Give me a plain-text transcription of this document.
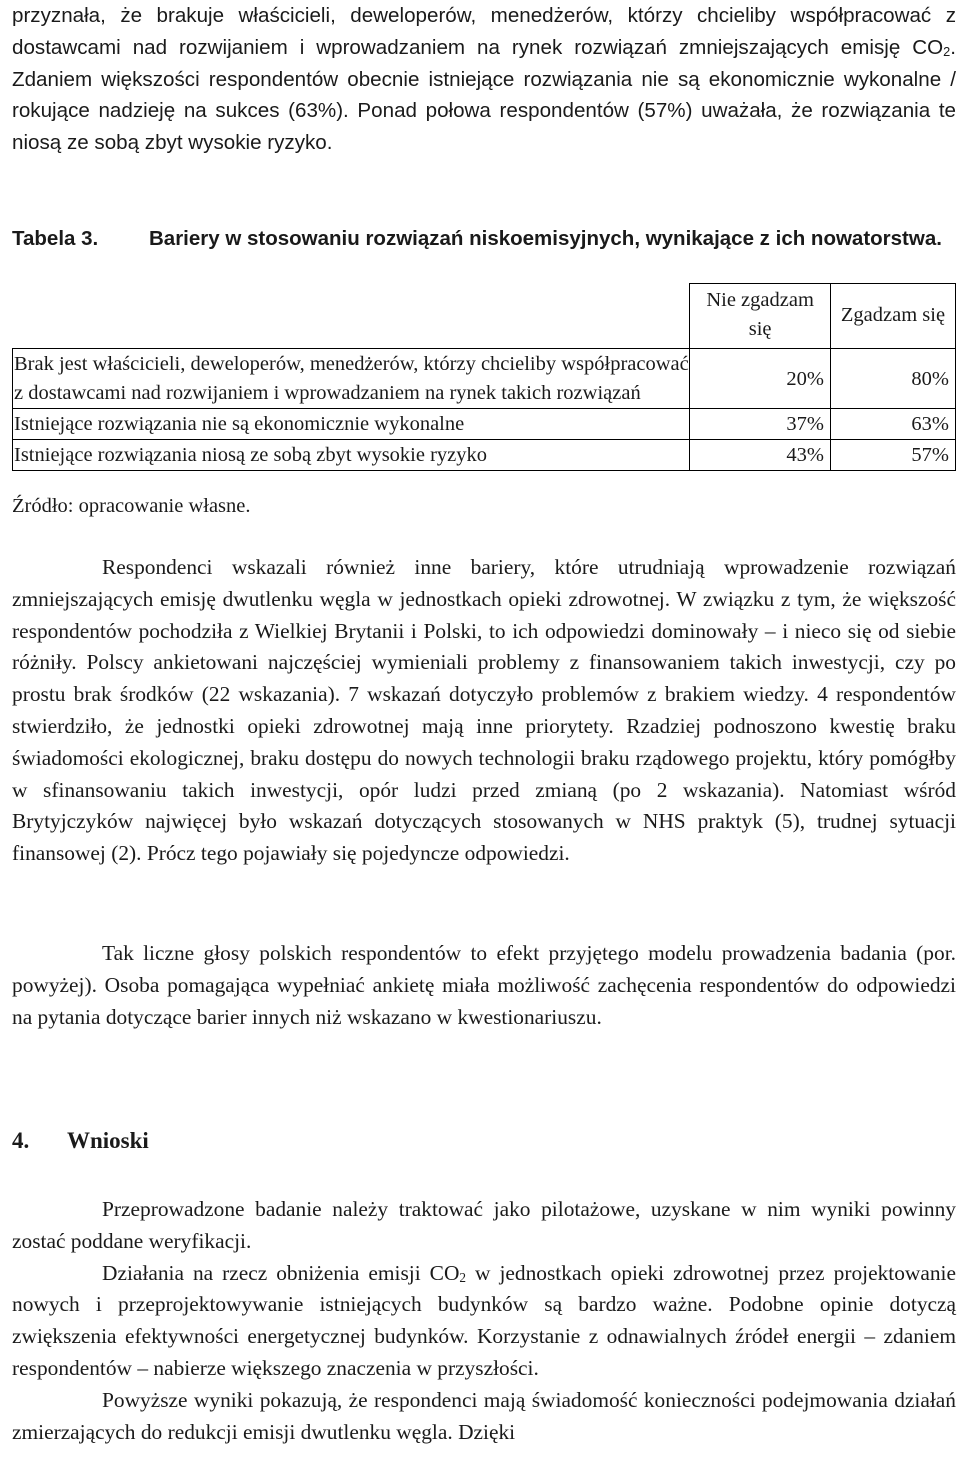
przyznała, że brakuje właścicieli, deweloperów, menedżerów, którzy chcieliby współpracować z dostawcami nad rozwijaniem i wprowadzaniem na rynek rozwiązań zmniejszających emisję $CO_2$. Zdaniem większości respondentów obecnie istniejące rozwiązania nie są ekonomicznie wykonalne / rokujące nadzieję na sukces (63%). Ponad połowa respondentów (57%) uważała, że rozwiązania te niosą ze sobą zbyt wysokie ryzyko.

Tabela 3. Bariery w stosowaniu rozwiązań niskoemisyjnych, wynikające z ich nowatorstwa.
	Nie zgadzam się	Zgadzam się
Brak jest właścicieli, deweloperów, menedżerów, którzy chcieliby współpracować z dostawcami nad rozwijaniem i wprowadzaniem na rynek takich rozwiązań	20%	80%
Istniejące rozwiązania nie są ekonomicznie wykonalne	37%	63%
Istniejące rozwiązania niosą ze sobą zbyt wysokie ryzyko	43%	57%
Źródło: opracowanie własne.

Respondenci wskazali również inne bariery, które utrudniają wprowadzenie rozwiązań zmniejszających emisję dwutlenku węgla w jednostkach opieki zdrowotnej. W związku z tym, że większość respondentów pochodziła z Wielkiej Brytanii i Polski, to ich odpowiedzi dominowały – i nieco się od siebie różniły. Polscy ankietowani najczęściej wymieniali problemy z finansowaniem takich inwestycji, czy po prostu brak środków (22 wskazania). 7 wskazań dotyczyło problemów z brakiem wiedzy. 4 respondentów stwierdziło, że jednostki opieki zdrowotnej mają inne priorytety. Rzadziej podnoszono kwestię braku świadomości ekologicznej, braku dostępu do nowych technologii braku rządowego projektu, który pomógłby w sfinansowaniu takich inwestycji, opór ludzi przed zmianą (po 2 wskazania). Natomiast wśród Brytyjczyków najwięcej było wskazań dotyczących stosowanych w NHS praktyk (5), trudnej sytuacji finansowej (2). Prócz tego pojawiały się pojedyncze odpowiedzi.

Tak liczne głosy polskich respondentów to efekt przyjętego modelu prowadzenia badania (por. powyżej). Osoba pomagająca wypełniać ankietę miała możliwość zachęcenia respondentów do odpowiedzi na pytania dotyczące barier innych niż wskazano w kwestionariuszu.

4. Wnioski

Przeprowadzone badanie należy traktować jako pilotażowe, uzyskane w nim wyniki powinny zostać poddane weryfikacji.

Działania na rzecz obniżenia emisji $CO_2$ w jednostkach opieki zdrowotnej przez projektowanie nowych i przeprojektowywanie istniejących budynków są bardzo ważne. Podobne opinie dotyczą zwiększenia efektywności energetycznej budynków. Korzystanie z odnawialnych źródeł energii – zdaniem respondentów – nabierze większego znaczenia w przyszłości.

Powyższe wyniki pokazują, że respondenci mają świadomość konieczności podejmowania działań zmierzających do redukcji emisji dwutlenku węgla. Dzięki
